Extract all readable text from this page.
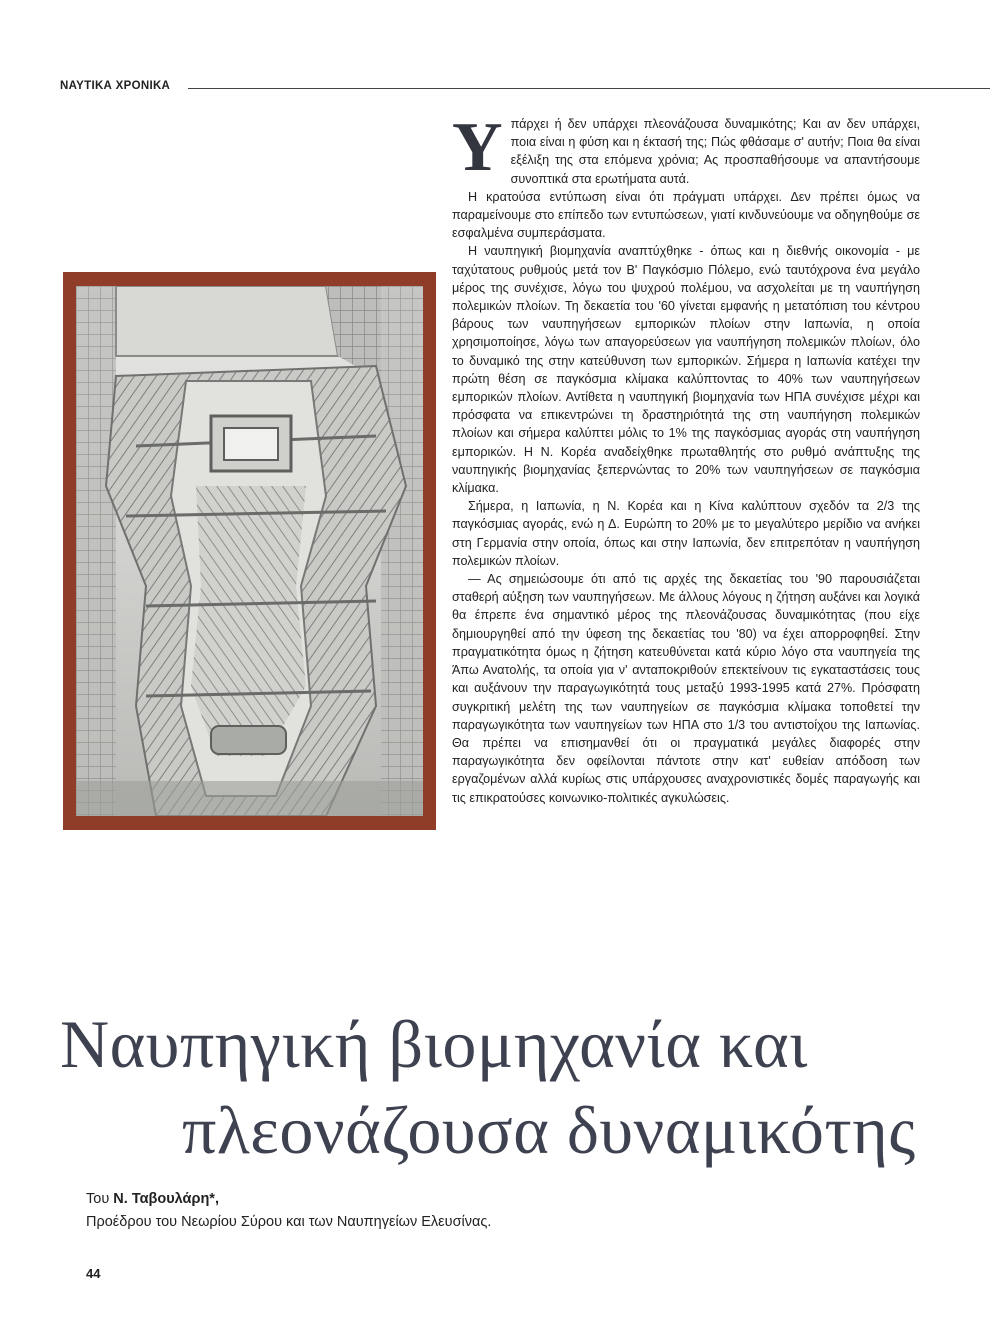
ΝΑΥΤΙΚΑ ΧΡΟΝΙΚΑ

Υπάρχει ή δεν υπάρχει πλεονάζουσα δυναμικότης; Και αν δεν υπάρχει, ποια είναι η φύση και η έκτασή της; Πώς φθάσαμε σ' αυτήν; Ποια θα είναι εξέλιξη της στα επόμενα χρόνια; Ας προσπαθήσουμε να απαντήσουμε συνοπτικά στα ερωτήματα αυτά.

Η κρατούσα εντύπωση είναι ότι πράγματι υπάρχει. Δεν πρέπει όμως να παραμείνουμε στο επίπεδο των εντυπώσεων, γιατί κινδυνεύουμε να οδηγηθούμε σε εσφαλμένα συμπεράσματα.

Η ναυπηγική βιομηχανία αναπτύχθηκε - όπως και η διεθνής οικονομία - με ταχύτατους ρυθμούς μετά τον Β' Παγκόσμιο Πόλεμο, ενώ ταυτόχρονα ένα μεγάλο μέρος της συνέχισε, λόγω του ψυχρού πολέμου, να ασχολείται με τη ναυπήγηση πολεμικών πλοίων. Τη δεκαετία του '60 γίνεται εμφανής η μετατόπιση του κέντρου βάρους των ναυπηγήσεων εμπορικών πλοίων στην Ιαπωνία, η οποία χρησιμοποίησε, λόγω των απαγορεύσεων για ναυπήγηση πολεμικών πλοίων, όλο το δυναμικό της στην κατεύθυνση των εμπορικών. Σήμερα η Ιαπωνία κατέχει την πρώτη θέση σε παγκόσμια κλίμακα καλύπτοντας το 40% των ναυπηγήσεων εμπορικών πλοίων. Αντίθετα η ναυπηγική βιομηχανία των ΗΠΑ συνέχισε μέχρι και πρόσφατα να επικεντρώνει τη δραστηριότητά της στη ναυπήγηση πολεμικών πλοίων και σήμερα καλύπτει μόλις το 1% της παγκόσμιας αγοράς στη ναυπήγηση εμπορικών. Η Ν. Κορέα αναδείχθηκε πρωταθλητής στο ρυθμό ανάπτυξης της ναυπηγικής βιομηχανίας ξεπερνώντας το 20% των ναυπηγήσεων σε παγκόσμια κλίμακα.

Σήμερα, η Ιαπωνία, η Ν. Κορέα και η Κίνα καλύπτουν σχεδόν τα 2/3 της παγκόσμιας αγοράς, ενώ η Δ. Ευρώπη το 20% με το μεγαλύτερο μερίδιο να ανήκει στη Γερμανία στην οποία, όπως και στην Ιαπωνία, δεν επιτρεπόταν η ναυπήγηση πολεμικών πλοίων.

— Ας σημειώσουμε ότι από τις αρχές της δεκαετίας του '90 παρουσιάζεται σταθερή αύξηση των ναυπηγήσεων. Με άλλους λόγους η ζήτηση αυξάνει και λογικά θα έπρεπε ένα σημαντικό μέρος της πλεονάζουσας δυναμικότητας (που είχε δημιουργηθεί από την ύφεση της δεκαετίας του '80) να έχει απορροφηθεί. Στην πραγματικότητα όμως η ζήτηση κατευθύνεται κατά κύριο λόγο στα ναυπηγεία της Άπω Ανατολής, τα οποία για ν' ανταποκριθούν επεκτείνουν τις εγκαταστάσεις τους και αυξάνουν την παραγωγικότητά τους μεταξύ 1993-1995 κατά 27%. Πρόσφατη συγκριτική μελέτη της των ναυπηγείων σε παγκόσμια κλίμακα τοποθετεί την παραγωγικότητα των ναυπηγείων των ΗΠΑ στο 1/3 του αντιστοίχου της Ιαπωνίας. Θα πρέπει να επισημανθεί ότι οι πραγματικά μεγάλες διαφορές στην παραγωγικότητα δεν οφείλονται πάντοτε στην κατ' ευθείαν απόδοση των εργαζομένων αλλά κυρίως στις υπάρχουσες αναχρονιστικές δομές παραγωγής και τις επικρατούσες κοινωνικο-πολιτικές αγκυλώσεις.

Ναυπηγική βιομηχανία και
πλεονάζουσα δυναμικότης
Του Ν. Ταβουλάρη*,
Προέδρου του Νεωρίου Σύρου και των Ναυπηγείων Ελευσίνας.
44
